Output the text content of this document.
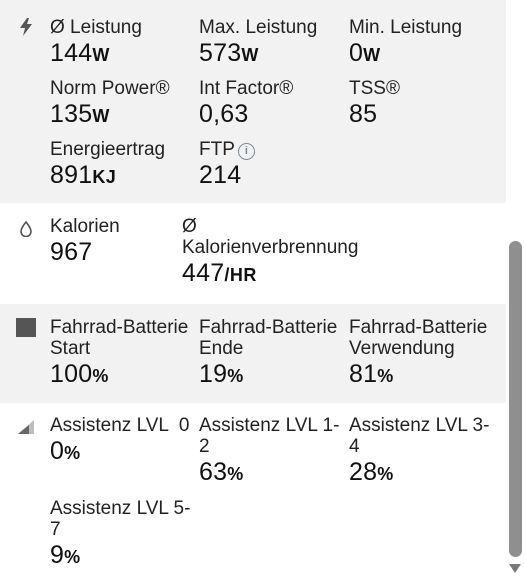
Ø Leistung
144W
Max. Leistung
573W
Min. Leistung
0W
Norm Power®
135W
Int Factor®
0,63
TSS®
85
Energieertrag
891KJ
FTP i
214
Kalorien
967
Ø
Kalorienverbrennung
447/HR
Fahrrad-Batterie
Start
100%
Fahrrad-Batterie
Ende
19%
Fahrrad-Batterie
Verwendung
81%
Assistenz LVL  0
0%
Assistenz LVL 1-
2
63%
Assistenz LVL 3-
4
28%
Assistenz LVL 5-
7
9%
